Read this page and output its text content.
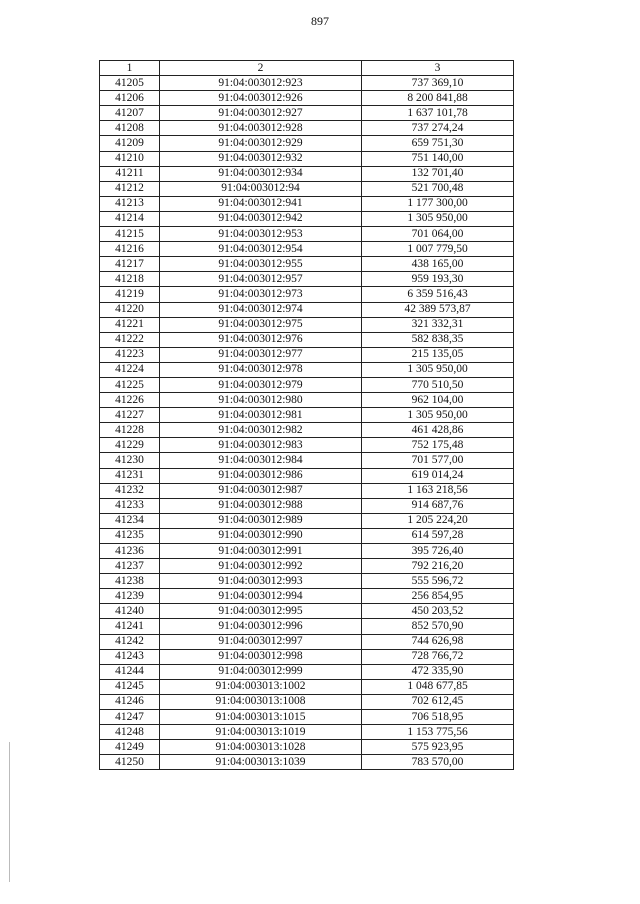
897
1	2	3
41205	91:04:003012:923	737 369,10
41206	91:04:003012:926	8 200 841,88
41207	91:04:003012:927	1 637 101,78
41208	91:04:003012:928	737 274,24
41209	91:04:003012:929	659 751,30
41210	91:04:003012:932	751 140,00
41211	91:04:003012:934	132 701,40
41212	91:04:003012:94	521 700,48
41213	91:04:003012:941	1 177 300,00
41214	91:04:003012:942	1 305 950,00
41215	91:04:003012:953	701 064,00
41216	91:04:003012:954	1 007 779,50
41217	91:04:003012:955	438 165,00
41218	91:04:003012:957	959 193,30
41219	91:04:003012:973	6 359 516,43
41220	91:04:003012:974	42 389 573,87
41221	91:04:003012:975	321 332,31
41222	91:04:003012:976	582 838,35
41223	91:04:003012:977	215 135,05
41224	91:04:003012:978	1 305 950,00
41225	91:04:003012:979	770 510,50
41226	91:04:003012:980	962 104,00
41227	91:04:003012:981	1 305 950,00
41228	91:04:003012:982	461 428,86
41229	91:04:003012:983	752 175,48
41230	91:04:003012:984	701 577,00
41231	91:04:003012:986	619 014,24
41232	91:04:003012:987	1 163 218,56
41233	91:04:003012:988	914 687,76
41234	91:04:003012:989	1 205 224,20
41235	91:04:003012:990	614 597,28
41236	91:04:003012:991	395 726,40
41237	91:04:003012:992	792 216,20
41238	91:04:003012:993	555 596,72
41239	91:04:003012:994	256 854,95
41240	91:04:003012:995	450 203,52
41241	91:04:003012:996	852 570,90
41242	91:04:003012:997	744 626,98
41243	91:04:003012:998	728 766,72
41244	91:04:003012:999	472 335,90
41245	91:04:003013:1002	1 048 677,85
41246	91:04:003013:1008	702 612,45
41247	91:04:003013:1015	706 518,95
41248	91:04:003013:1019	1 153 775,56
41249	91:04:003013:1028	575 923,95
41250	91:04:003013:1039	783 570,00
